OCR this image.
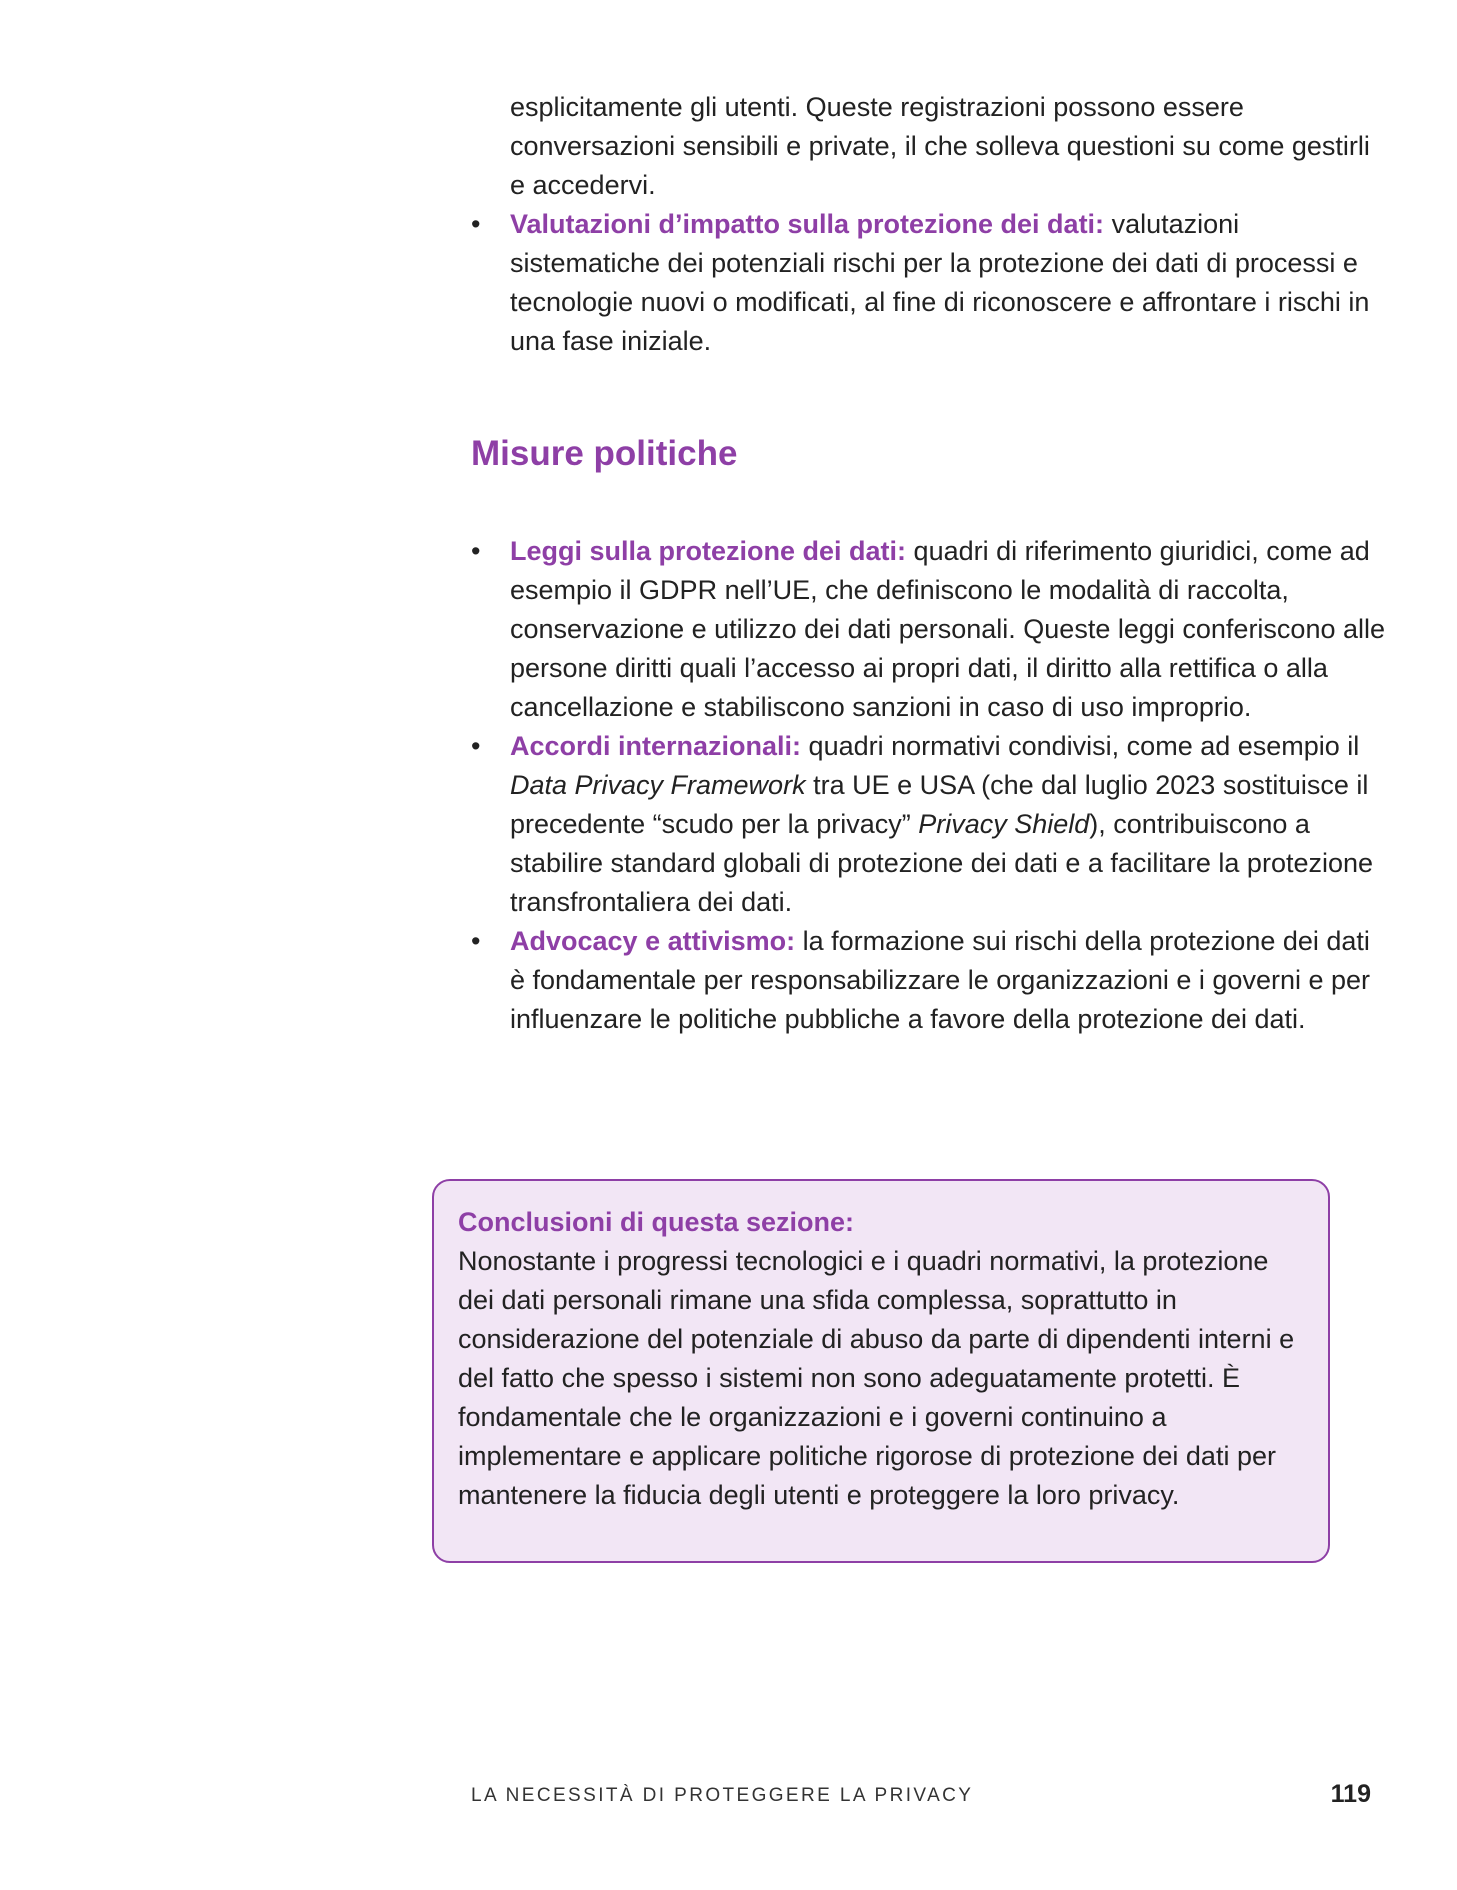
esplicitamente gli utenti. Queste registrazioni possono essere conversazioni sensibili e private, il che solleva questioni su come gestirli e accedervi.
•	Valutazioni d’impatto sulla protezione dei dati: valutazioni sistematiche dei potenziali rischi per la protezione dei dati di processi e tecnologie nuovi o modificati, al fine di riconoscere e affrontare i rischi in una fase iniziale.
Misure politiche
•	Leggi sulla protezione dei dati: quadri di riferimento giuridici, come ad esempio il GDPR nell’UE, che definiscono le modalità di raccolta, conservazione e utilizzo dei dati personali. Queste leggi conferiscono alle persone diritti quali l’accesso ai propri dati, il diritto alla rettifica o alla cancellazione e stabiliscono sanzioni in caso di uso improprio.
•	Accordi internazionali: quadri normativi condivisi, come ad esempio il Data Privacy Framework tra UE e USA (che dal luglio 2023 sostituisce il precedente “scudo per la privacy” Privacy Shield), contribuiscono a stabilire standard globali di protezione dei dati e a facilitare la protezione transfrontaliera dei dati.
•	Advocacy e attivismo: la formazione sui rischi della protezione dei dati è fondamentale per responsabilizzare le organizzazioni e i governi e per influenzare le politiche pubbliche a favore della protezione dei dati.
Conclusioni di questa sezione:
Nonostante i progressi tecnologici e i quadri normativi, la protezione dei dati personali rimane una sfida complessa, soprattutto in considerazione del potenziale di abuso da parte di dipendenti interni e del fatto che spesso i sistemi non sono adeguatamente protetti. È fondamentale che le organizzazioni e i governi continuino a implementare e applicare politiche rigorose di protezione dei dati per mantenere la fiducia degli utenti e proteggere la loro privacy.
LA NECESSITÀ DI PROTEGGERE LA PRIVACY	119
